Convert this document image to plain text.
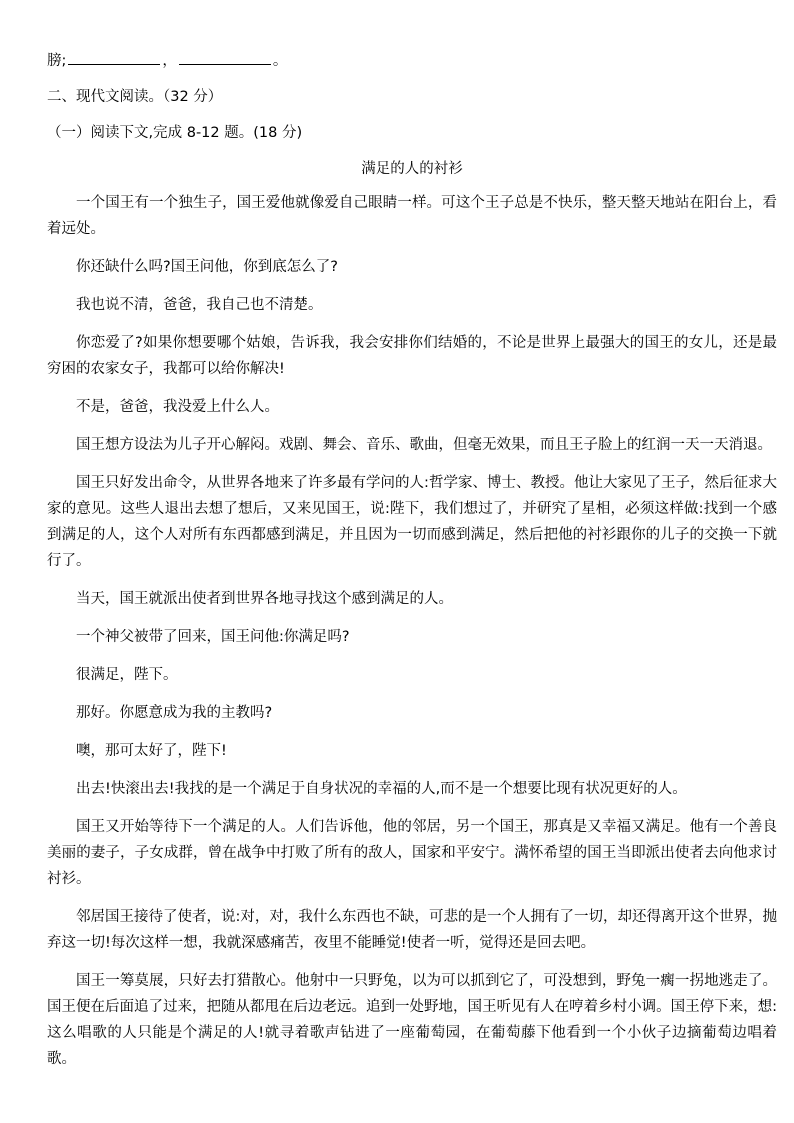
膀;	，	。

二、现代文阅读。（32 分）

（一）阅读下文,完成 8-12 题。(18 分)

满足的人的衬衫

一个国王有一个独生子，国王爱他就像爱自己眼睛一样。可这个王子总是不快乐，整天整天地站在阳台上，看着远处。

你还缺什么吗?国王问他，你到底怎么了?

我也说不清，爸爸，我自己也不清楚。

你恋爱了?如果你想要哪个姑娘，告诉我，我会安排你们结婚的，不论是世界上最强大的国王的女儿，还是最穷困的农家女子，我都可以给你解决!

不是，爸爸，我没爱上什么人。

国王想方设法为儿子开心解闷。戏剧、舞会、音乐、歌曲，但毫无效果，而且王子脸上的红润一天一天消退。

国王只好发出命令，从世界各地来了许多最有学问的人:哲学家、博士、教授。他让大家见了王子，然后征求大家的意见。这些人退出去想了想后，又来见国王，说:陛下，我们想过了，并研究了星相，必须这样做:找到一个感到满足的人，这个人对所有东西都感到满足，并且因为一切而感到满足，然后把他的衬衫跟你的儿子的交换一下就行了。

当天，国王就派出使者到世界各地寻找这个感到满足的人。

一个神父被带了回来，国王问他:你满足吗?

很满足，陛下。

那好。你愿意成为我的主教吗?

噢，那可太好了，陛下!

出去!快滚出去!我找的是一个满足于自身状况的幸福的人,而不是一个想要比现有状况更好的人。

国王又开始等待下一个满足的人。人们告诉他，他的邻居，另一个国王，那真是又幸福又满足。他有一个善良美丽的妻子，子女成群，曾在战争中打败了所有的敌人，国家和平安宁。满怀希望的国王当即派出使者去向他求讨衬衫。

邻居国王接待了使者，说:对，对，我什么东西也不缺，可悲的是一个人拥有了一切，却还得离开这个世界，抛弃这一切!每次这样一想，我就深感痛苦，夜里不能睡觉!使者一听，觉得还是回去吧。

国王一筹莫展，只好去打猎散心。他射中一只野兔，以为可以抓到它了，可没想到，野兔一瘸一拐地逃走了。国王便在后面追了过来，把随从都甩在后边老远。追到一处野地，国王听见有人在哼着乡村小调。国王停下来，想:这么唱歌的人只能是个满足的人!就寻着歌声钻进了一座葡萄园，在葡萄藤下他看到一个小伙子边摘葡萄边唱着歌。
